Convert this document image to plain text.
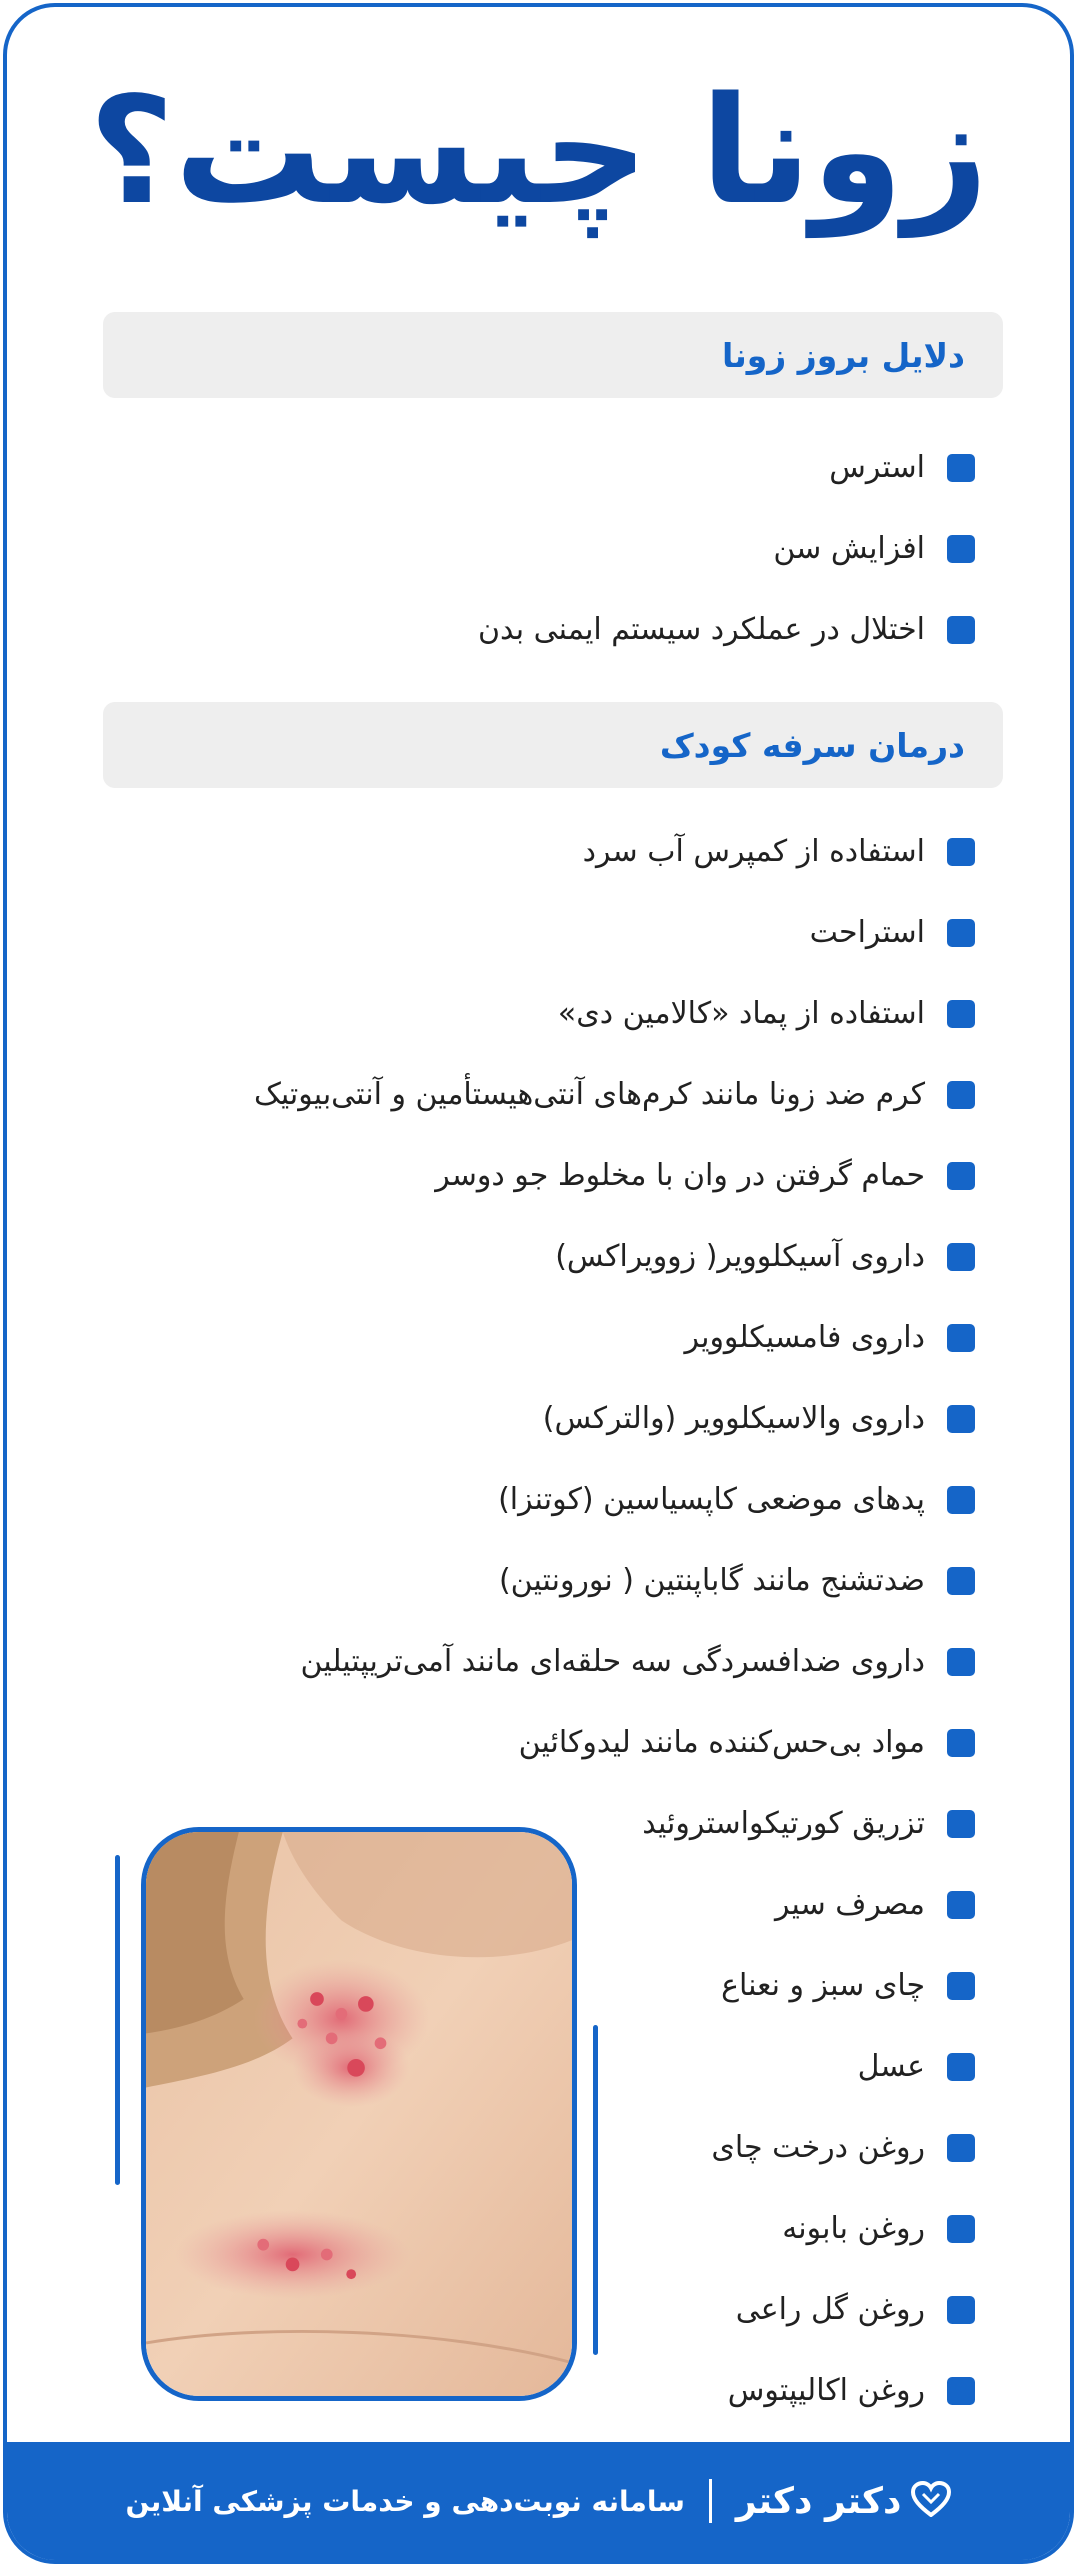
زونا چیست؟
دلایل بروز زونا
استرس
افزایش سن
اختلال در عملکرد سیستم ایمنی بدن
درمان سرفه کودک
استفاده از کمپرس آب سرد
استراحت
استفاده از پماد «کالامین دی»
کرم ضد زونا مانند کرم‌های آنتی‌هیستأمین و آنتی‌بیوتیک
حمام گرفتن در وان با مخلوط جو دوسر
داروی آسیکلوویر( زوویراکس)
داروی فامسیکلوویر
داروی والاسیکلوویر (والترکس)
پدهای موضعی کاپسیاسین (کوتنزا)
ضدتشنج مانند گاباپنتین ( نورونتین)
داروی ضدافسردگی سه حلقه‌ای مانند آمی‌تریپتیلین
مواد بی‌حس‌کننده مانند لیدوکائین
تزریق کورتیکواستروئید
مصرف سیر
چای سبز و نعناع
عسل
روغن درخت چای
روغن بابونه
روغن گل راعی
روغن اکالیپتوس
دکتر دکتر
سامانه نوبت‌دهی و خدمات پزشکی آنلاین
